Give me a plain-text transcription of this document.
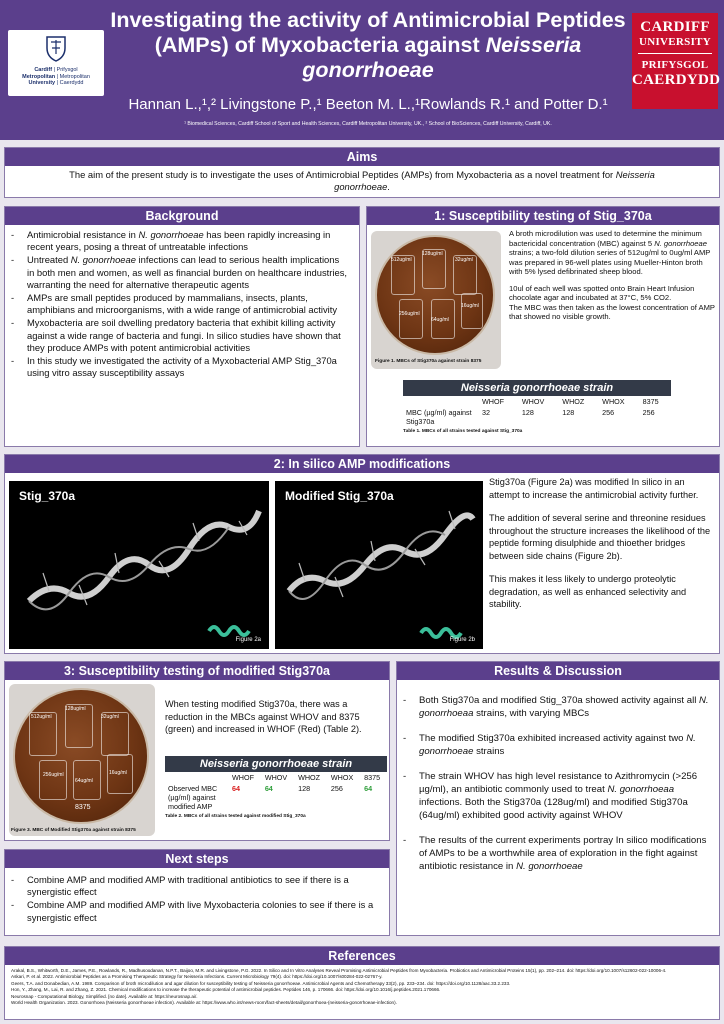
Cardiff | Prifysgol
Metropolitan | Metropolitan
University | Caerdydd
Investigating the activity of Antimicrobial Peptides
(AMPs) of Myxobacteria against Neisseria
gonorrhoeae
Hannan L.,¹,² Livingstone P.,¹ Beeton M. L.,¹Rowlands R.¹ and Potter D.¹
¹ Biomedical Sciences, Cardiff School of Sport and Health Sciences, Cardiff Metropolitan University, UK., ² School of BioSciences, Cardiff University, Cardiff, UK.
CARDIFF
UNIVERSITY
PRIFYSGOL
CAERDYDD
Aims
The aim of the present study is to investigate the uses of Antimicrobial Peptides (AMPs) from Myxobacteria as a novel treatment for Neisseria gonorrhoeae.
Background
- Antimicrobial resistance in N. gonorrhoeae has been rapidly increasing in recent years, posing a threat of untreatable infections
- Untreated N. gonorrhoeae infections can lead to serious health implications in both men and women, as well as financial burden on healthcare industries, warranting the need for alternative therapeutic agents
- AMPs are small peptides produced by mammalians, insects, plants, amphibians and microorganisms, with a wide range of antimicrobial activity
- Myxobacteria are soil dwelling predatory bacteria that exhibit killing activity against a wide range of bacteria and fungi. In silico studies have shown that they produce AMPs with potent antimicrobial activities
- In this study we investigated the activity of a Myxobacterial AMP Stig_370a using vitro assay susceptibility assays
1: Susceptibility testing of Stig_370a
512ug/ml
128ug/ml
32ug/ml
256ug/ml
64ug/ml
16ug/ml
Figure 1. MBCs of Stig370a against strain 8375

A broth microdilution was used to determine the minimum bactericidal concentration (MBC) against 5 N. gonorrhoeae strains; a two-fold dilution series of 512ug/ml to 0ug/ml AMP was prepared in 96-well plates using Mueller-Hinton broth with 5% lysed defibrinated sheep blood.

10ul of each well was spotted onto Brain Heart Infusion chocolate agar and incubated at 37°C, 5% CO2.

The MBC was then taken as the lowest concentration of AMP that showed no visible growth.

Neisseria gonorrhoeae strain
	WHOF	WHOV	WHOZ	WHOX	8375
MBC (µg/ml) against Stig370a	32	128	128	256	256
Table 1. MBCs of all strains tested against Stig_370a
2: In silico AMP modifications
Stig_370a
Figure 2a
Modified Stig_370a
Figure 2b

Stig370a (Figure 2a) was modified In silico in an attempt to increase the antimicrobial activity further.

The addition of several serine and threonine residues throughout the structure increases the likelihood of the peptide forming disulphide and thioether bridges between side chains (Figure 2b).

This makes it less likely to undergo proteolytic degradation, as well as enhanced selectivity and stability.

3: Susceptibility testing of modified Stig370a
512ug/ml
128ug/ml
32ug/ml
256ug/ml
64ug/ml
16ug/ml
8375
Figure 3. MBC of Modified Stig370a against strain 8375
When testing modified Stig370a, there was a reduction in the MBCs against WHOV and 8375 (green) and increased in WHOF (Red) (Table 2).
Neisseria gonorrhoeae strain
	WHOF	WHOV	WHOZ	WHOX	8375
Observed MBC (µg/ml) against modified AMP	64	64	128	256	64
Table 2. MBCs of all strains tested against modified Stig_370a
Next steps
- Combine AMP and modified AMP with traditional antibiotics to see if there is a synergistic effect
- Combine AMP and modified AMP with live Myxobacteria colonies to see if there is a synergistic effect
Results & Discussion
- Both Stig370a and modified Stig_370a showed activity against all N. gonorrhoeaa strains, with varying MBCs
- The modified Stig370a exhibited increased activity against two N. gonorrhoeae strains
- The strain WHOV has high level resistance to Azithromycin (>256 µg/ml), an antibiotic commonly used to treat N. gonorrhoeaa infections. Both the Stig370a (128ug/ml) and modified Stig370a (64ug/ml) exhibited good activity against WHOV
- The results of the current experiments portray In silico modifications of AMPs to be a worthwhile area of exploration in the fight against antibiotic resistance in N. gonorrhoeae
References
Arakal, B.S., Whitworth, D.E., James, P.E., Rowlands, R., Madhusoodanan, N.P.T., Baijoo, M.R. and Livingstone, P.G. 2022. In Silico and In Vitro Analyses Reveal Promising Antimicrobial Peptides from Myxobacteria. Probiotics and Antimicrobial Proteins 15(1), pp. 202–214. doi: https://doi.org/10.1007/s12602-022-10006-4.
Askari, P. et al. 2022. Antimicrobial Peptides as a Promising Therapeutic Strategy for Neisseria Infections. Current Microbiology 79(4). doi: https://doi.org/10.1007/s00284-022-02767-y.
Geers, T.A. and Donabedian, A.M. 1989. Comparison of broth microdilution and agar dilution for susceptibility testing of Neisseria gonorrhoeae. Antimicrobial Agents and Chemotherapy 33(2), pp. 233–234. doi: https://doi.org/10.1128/aac.33.2.233.
Hon, Y., Zhang, M., Lai, R. and Zhang, Z. 2021. Chemical modifications to increase the therapeutic potential of antimicrobial peptides. Peptides 146, p. 170666. doi: https://doi.org/10.1016/j.peptides.2021.170666.
Neurosnap - Computational Biology, Simplified. [no date]. Available at: https://neurosnap.ai/.
World Health Organization. 2023. Gonorrhoea (Neisseria gonorrhoeae infection). Available at: https://www.who.int/news-room/fact-sheets/detail/gonorrhoea-(neisseria-gonorrhoeae-infection).
